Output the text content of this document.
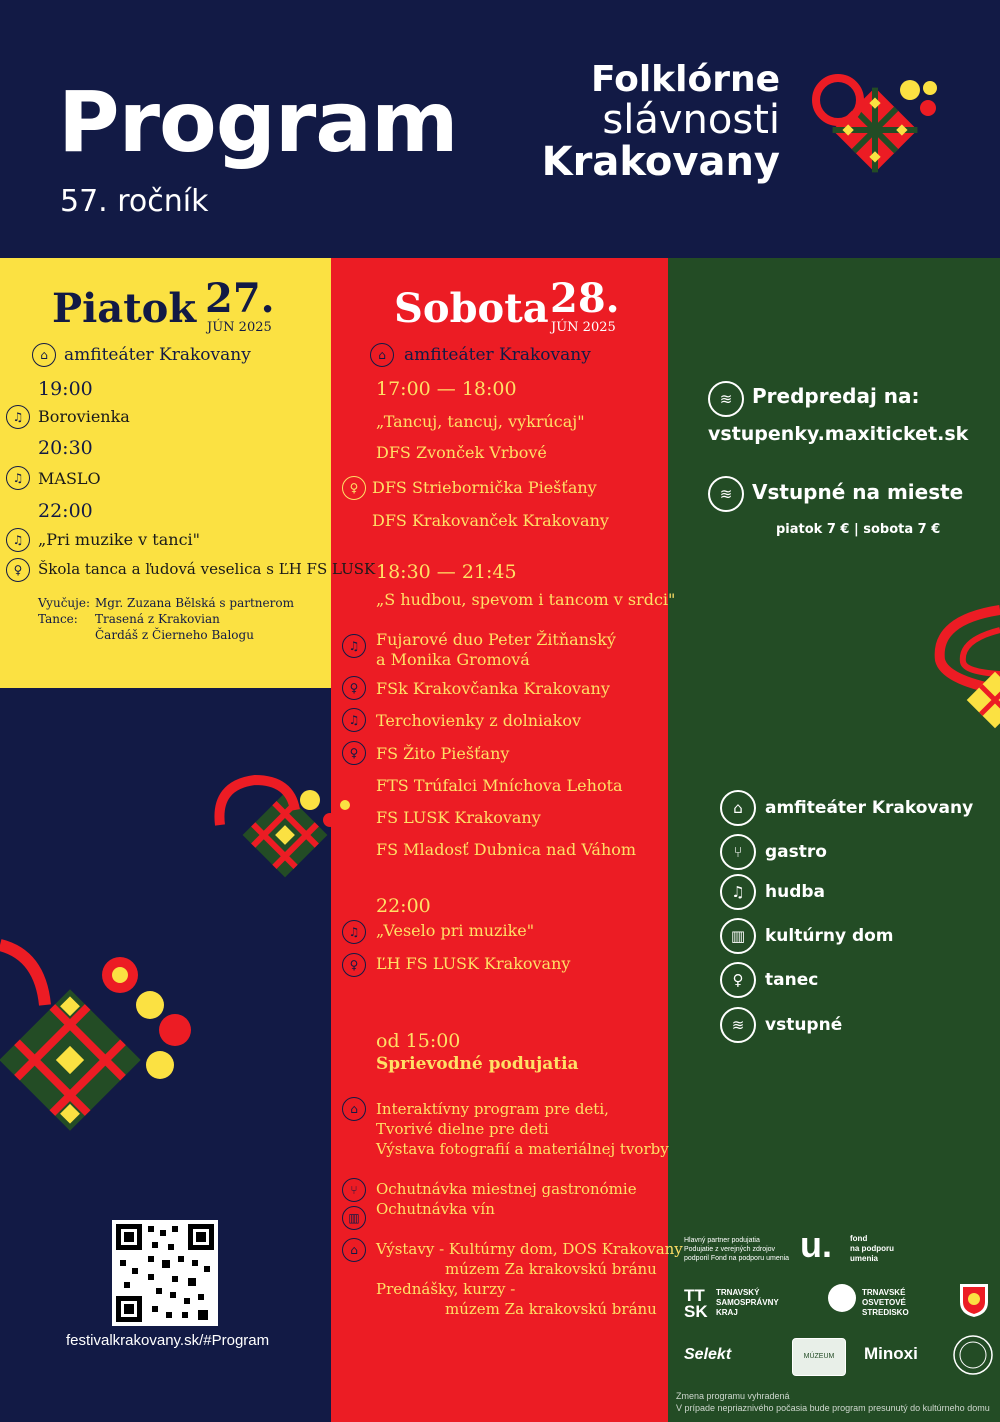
Program
57. ročník
Folklórne
slávnosti
Krakovany
Piatok 27.
JÚN 2025
⌂ amfiteáter Krakovany
19:00
♫ Borovienka
20:30
♫ MASLO
22:00
♫ „Pri muzike v tanci"
♀	Škola tanca a ľudová veselica s ĽH FS LUSK
Vyučuje: Mgr. Zuzana Bělská s partnerom
Tance: Trasená z Krakovian
Čardáš z Čierneho Balogu
Sobota 28.
JÚN 2025
⌂	amfiteáter Krakovany
17:00 — 18:00
„Tancuj, tancuj, vykrúcaj"
DFS Zvonček Vrbové
♀ DFS Striebornička Piešťany
DFS Krakovanček Krakovany
18:30 — 21:45
„S hudbou, spevom i tancom v srdci"
♫	Fujarové duo Peter Žitňanský
a Monika Gromová
♀	FSk Krakovčanka Krakovany
♫	Terchovienky z dolniakov
♀	FS Žito Piešťany
FTS Trúfalci Mníchova Lehota
FS LUSK Krakovany
FS Mladosť Dubnica nad Váhom
22:00
♫	„Veselo pri muzike"
♀	ĽH FS LUSK Krakovany
od 15:00
Sprievodné podujatia
⌂	Interaktívny program pre deti,
Tvorivé dielne pre deti
Výstava fotografií a materiálnej tvorby
⑂	Ochutnávka miestnej gastronómie
▥	Ochutnávka vín
⌂	Výstavy - Kultúrny dom, DOS Krakovany
múzem Za krakovskú bránu
Prednášky, kurzy -
múzem Za krakovskú bránu
≋ Predpredaj na:
vstupenky.maxiticket.sk
≋ Vstupné na mieste
piatok 7 € | sobota 7 €
⌂	amfiteáter Krakovany
⑂	gastro
♫	hudba
▥	kultúrny dom
♀	tanec
≋	vstupné
festivalkrakovany.sk/#Program
Hlavný partner podujatia
Podujatie z verejných zdrojov
podporil Fond na podporu umenia u. fond
na podporu
umenia
TT
SK
TRNAVSKÝ
SAMOSPRÁVNY
KRAJ
TRNAVSKÉ
OSVETOVÉ
STREDISKO
Selekt	MÚZEUM	Minoxi
Zmena programu vyhradená
V prípade nepriaznivého počasia bude program presunutý do kultúrneho domu
